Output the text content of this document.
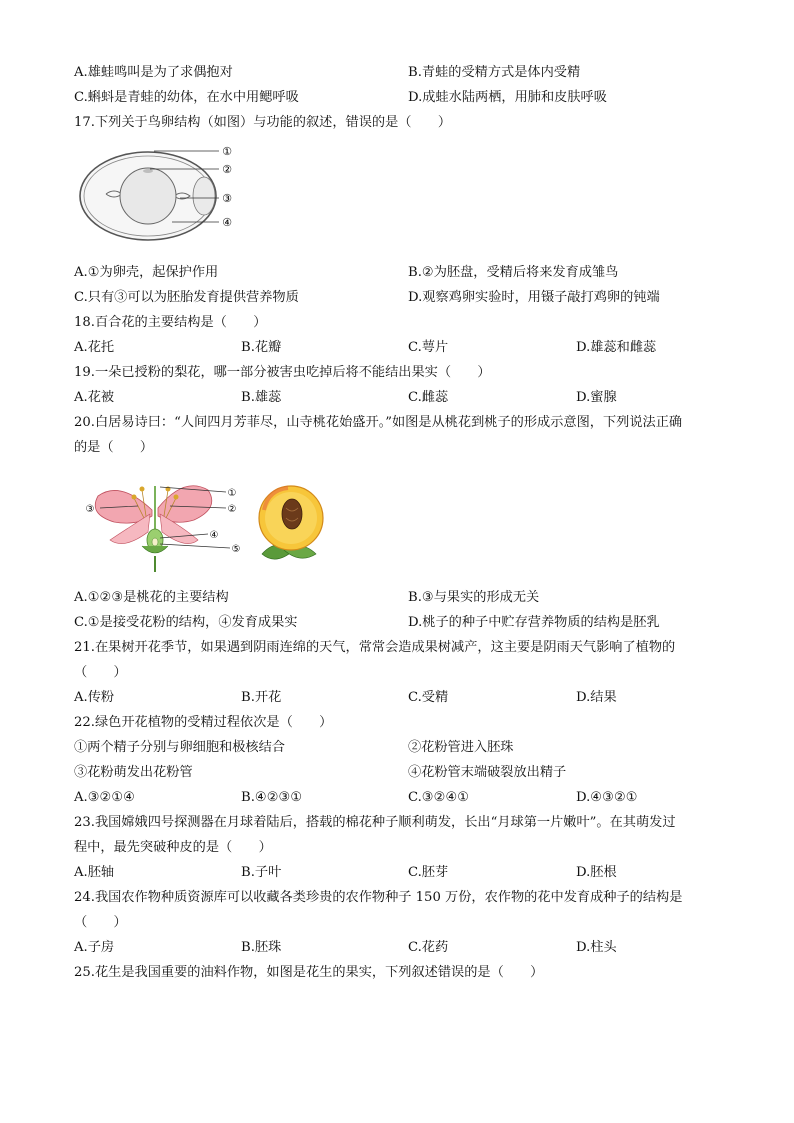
A.雄蛙鸣叫是为了求偶抱对	B.青蛙的受精方式是体内受精
C.蝌蚪是青蛙的幼体，在水中用鳃呼吸	D.成蛙水陆两栖，用肺和皮肤呼吸
17.下列关于鸟卵结构（如图）与功能的叙述，错误的是（　　）
①
②
③
④
A.①为卵壳，起保护作用	B.②为胚盘，受精后将来发育成雏鸟
C.只有③可以为胚胎发育提供营养物质	D.观察鸡卵实验时，用镊子敲打鸡卵的钝端
18.百合花的主要结构是（　　）
A.花托	B.花瓣	C.萼片	D.雄蕊和雌蕊
19.一朵已授粉的梨花，哪一部分被害虫吃掉后将不能结出果实（　　）
A.花被	B.雄蕊	C.雌蕊	D.蜜腺
20.白居易诗曰：“人间四月芳菲尽，山寺桃花始盛开。”如图是从桃花到桃子的形成示意图，下列说法正确
的是（　　）
①
②
③
④
⑤
A.①②③是桃花的主要结构	B.③与果实的形成无关
C.①是接受花粉的结构，④发育成果实	D.桃子的种子中贮存营养物质的结构是胚乳
21.在果树开花季节，如果遇到阴雨连绵的天气，常常会造成果树减产，这主要是阴雨天气影响了植物的
（　　）
A.传粉	B.开花	C.受精	D.结果
22.绿色开花植物的受精过程依次是（　　）
①两个精子分别与卵细胞和极核结合	②花粉管进入胚珠
③花粉萌发出花粉管	④花粉管末端破裂放出精子
A.③②①④	B.④②③①	C.③②④①	D.④③②①
23.我国嫦娥四号探测器在月球着陆后，搭载的棉花种子顺利萌发，长出“月球第一片嫩叶”。在其萌发过
程中，最先突破种皮的是（　　）
A.胚轴	B.子叶	C.胚芽	D.胚根
24.我国农作物种质资源库可以收藏各类珍贵的农作物种子 150 万份，农作物的花中发育成种子的结构是
（　　）
A.子房	B.胚珠	C.花药	D.柱头
25.花生是我国重要的油料作物，如图是花生的果实，下列叙述错误的是（　　）
